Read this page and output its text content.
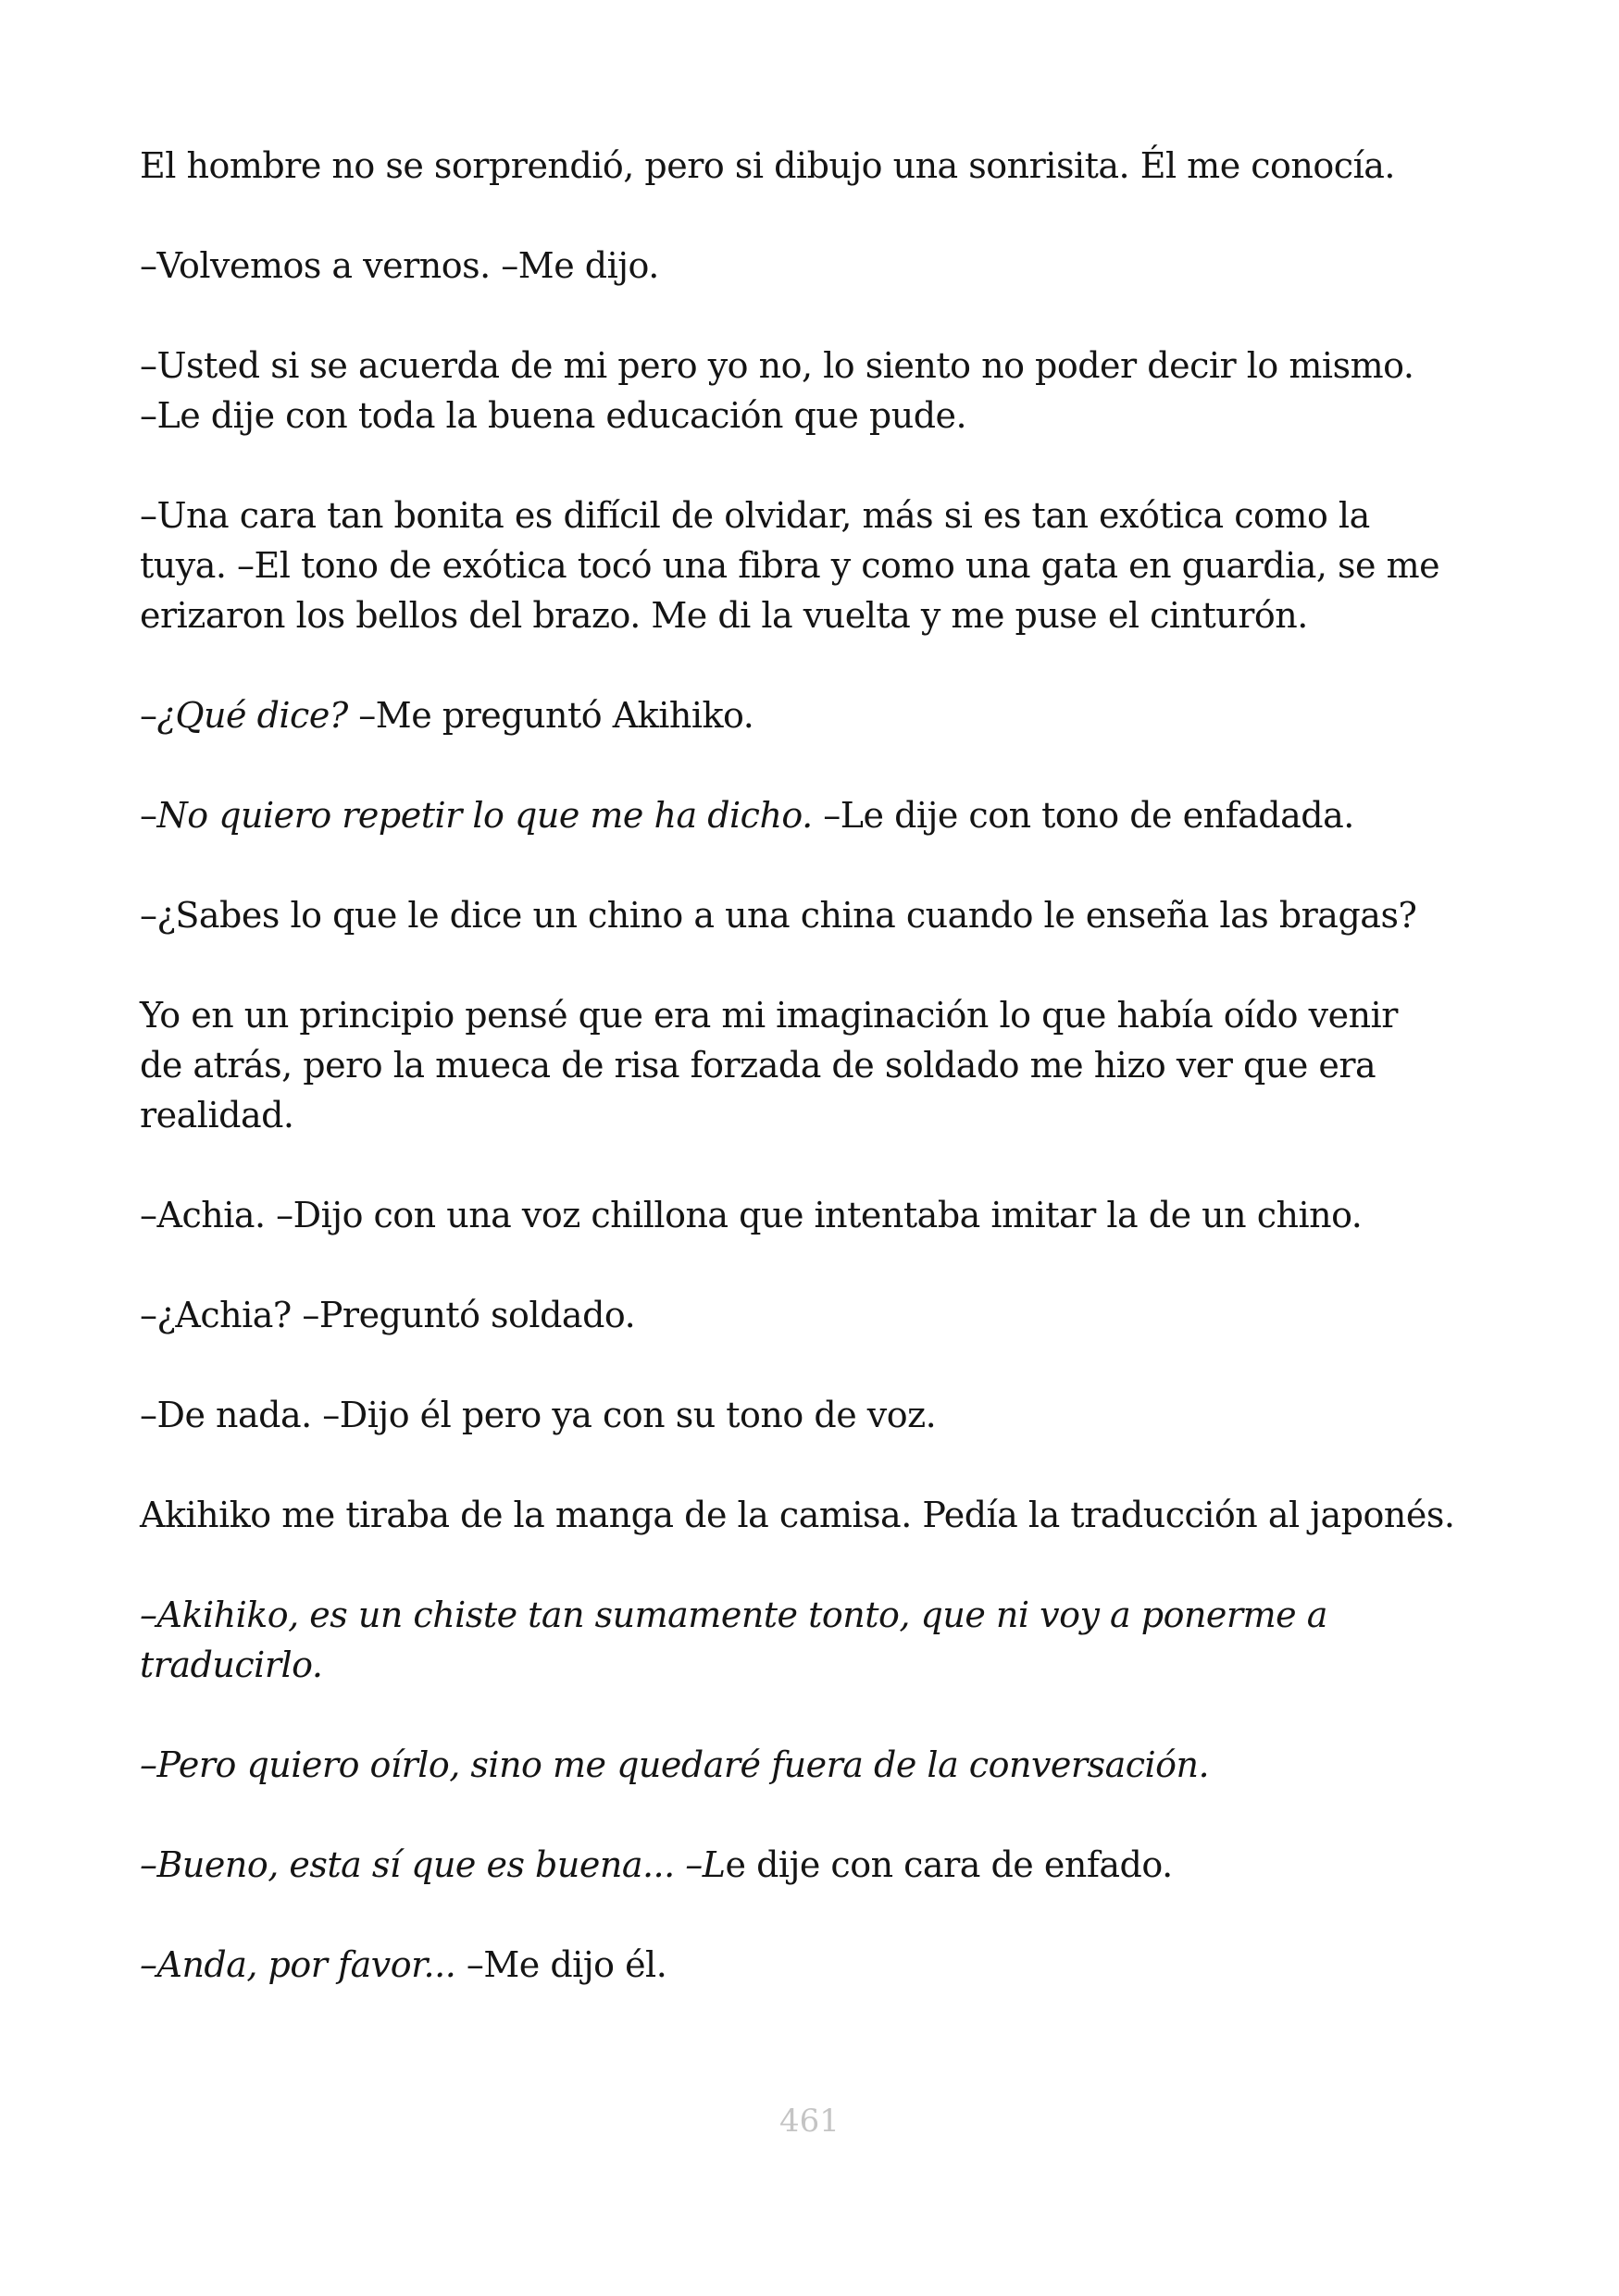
El hombre no se sorprendió, pero si dibujo una sonrisita. Él me conocía.

–Volvemos a vernos. –Me dijo.

–Usted si se acuerda de mi pero yo no, lo siento no poder decir lo mismo.
–Le dije con toda la buena educación que pude.

–Una cara tan bonita es difícil de olvidar, más si es tan exótica como la
tuya. –El tono de exótica tocó una fibra y como una gata en guardia, se me
erizaron los bellos del brazo. Me di la vuelta y me puse el cinturón.

–¿Qué dice? –Me preguntó Akihiko.

–No quiero repetir lo que me ha dicho. –Le dije con tono de enfadada.

–¿Sabes lo que le dice un chino a una china cuando le enseña las bragas?

Yo en un principio pensé que era mi imaginación lo que había oído venir
de atrás, pero la mueca de risa forzada de soldado me hizo ver que era
realidad.

–Achia. –Dijo con una voz chillona que intentaba imitar la de un chino.

–¿Achia? –Preguntó soldado.

–De nada. –Dijo él pero ya con su tono de voz.

Akihiko me tiraba de la manga de la camisa. Pedía la traducción al japonés.

–Akihiko, es un chiste tan sumamente tonto, que ni voy a ponerme a
traducirlo.

–Pero quiero oírlo, sino me quedaré fuera de la conversación.

–Bueno, esta sí que es buena... –Le dije con cara de enfado.

–Anda, por favor... –Me dijo él.

461
